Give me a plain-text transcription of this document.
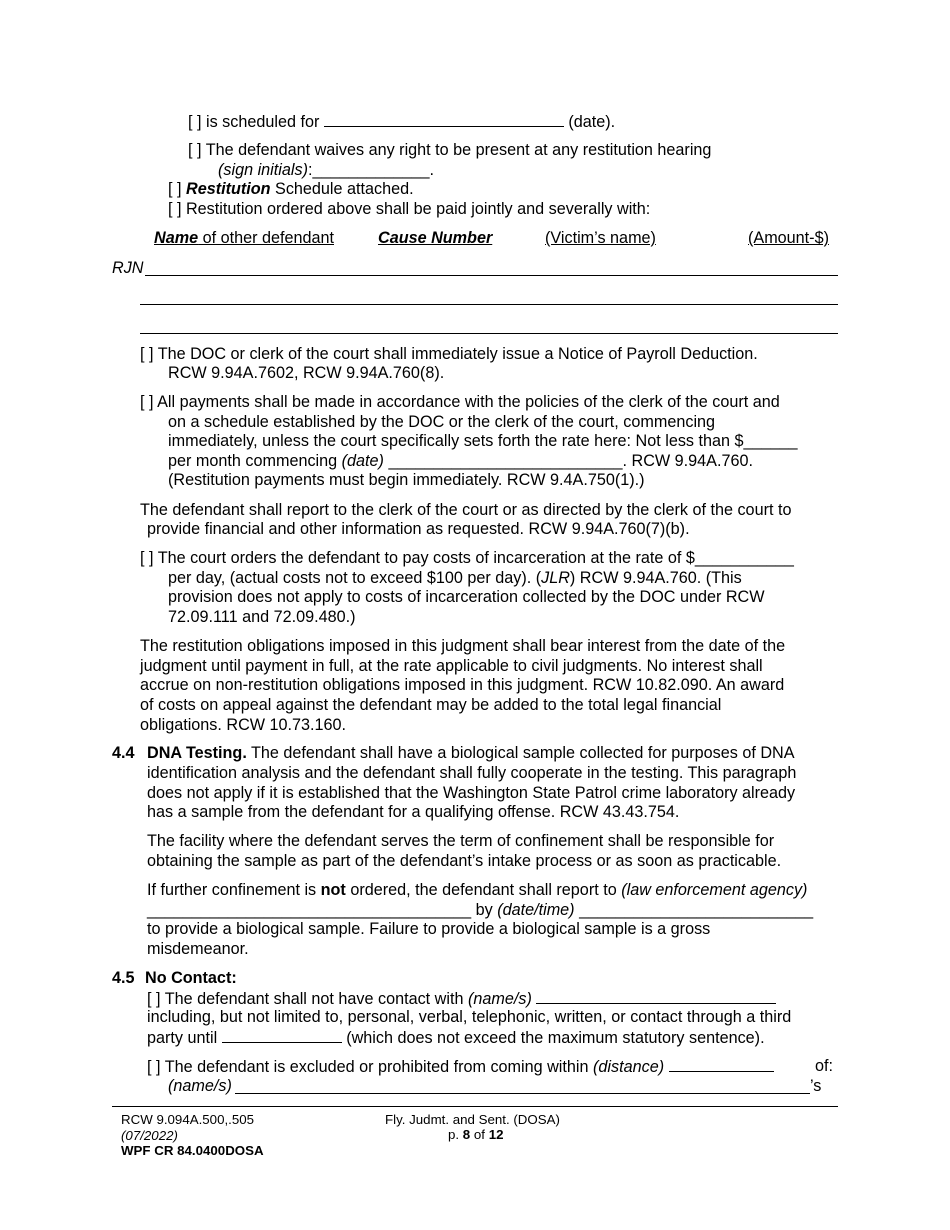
[ ] is scheduled for	(date).
[ ] The defendant waives any right to be present at any restitution hearing
(sign initials):_____________.
[ ] Restitution Schedule attached.
[ ] Restitution ordered above shall be paid jointly and severally with:
Name of other defendant	Cause Number	(Victim’s name)	(Amount-$)
RJN
[ ] The DOC or clerk of the court shall immediately issue a Notice of Payroll Deduction.
RCW 9.94A.7602, RCW 9.94A.760(8).
[ ] All payments shall be made in accordance with the policies of the clerk of the court and
on a schedule established by the DOC or the clerk of the court, commencing
immediately, unless the court specifically sets forth the rate here: Not less than $______
per month commencing (date) __________________________. RCW 9.94A.760.
(Restitution payments must begin immediately. RCW 9.4A.750(1).)
The defendant shall report to the clerk of the court or as directed by the clerk of the court to
provide financial and other information as requested. RCW 9.94A.760(7)(b).
[ ] The court orders the defendant to pay costs of incarceration at the rate of $___________
per day, (actual costs not to exceed $100 per day). (JLR) RCW 9.94A.760. (This
provision does not apply to costs of incarceration collected by the DOC under RCW
72.09.111 and 72.09.480.)
The restitution obligations imposed in this judgment shall bear interest from the date of the
judgment until payment in full, at the rate applicable to civil judgments. No interest shall
accrue on non-restitution obligations imposed in this judgment. RCW 10.82.090. An award
of costs on appeal against the defendant may be added to the total legal financial
obligations. RCW 10.73.160.
4.4 DNA Testing. The defendant shall have a biological sample collected for purposes of DNA
identification analysis and the defendant shall fully cooperate in the testing. This paragraph
does not apply if it is established that the Washington State Patrol crime laboratory already
has a sample from the defendant for a qualifying offense. RCW 43.43.754.
The facility where the defendant serves the term of confinement shall be responsible for
obtaining the sample as part of the defendant’s intake process or as soon as practicable.
If further confinement is not ordered, the defendant shall report to (law enforcement agency)
____________________________________ by (date/time) __________________________
to provide a biological sample. Failure to provide a biological sample is a gross
misdemeanor.
4.5 No Contact:
[ ] The defendant shall not have contact with (name/s)
including, but not limited to, personal, verbal, telephonic, written, or contact through a third
party until	(which does not exceed the maximum statutory sentence).
[ ] The defendant is excluded or prohibited from coming within (distance)	of:
(name/s)	’s
RCW 9.094A.500,.505
(07/2022)
WPF CR 84.0400DOSA
Fly. Judmt. and Sent. (DOSA)
p. 8 of 12
